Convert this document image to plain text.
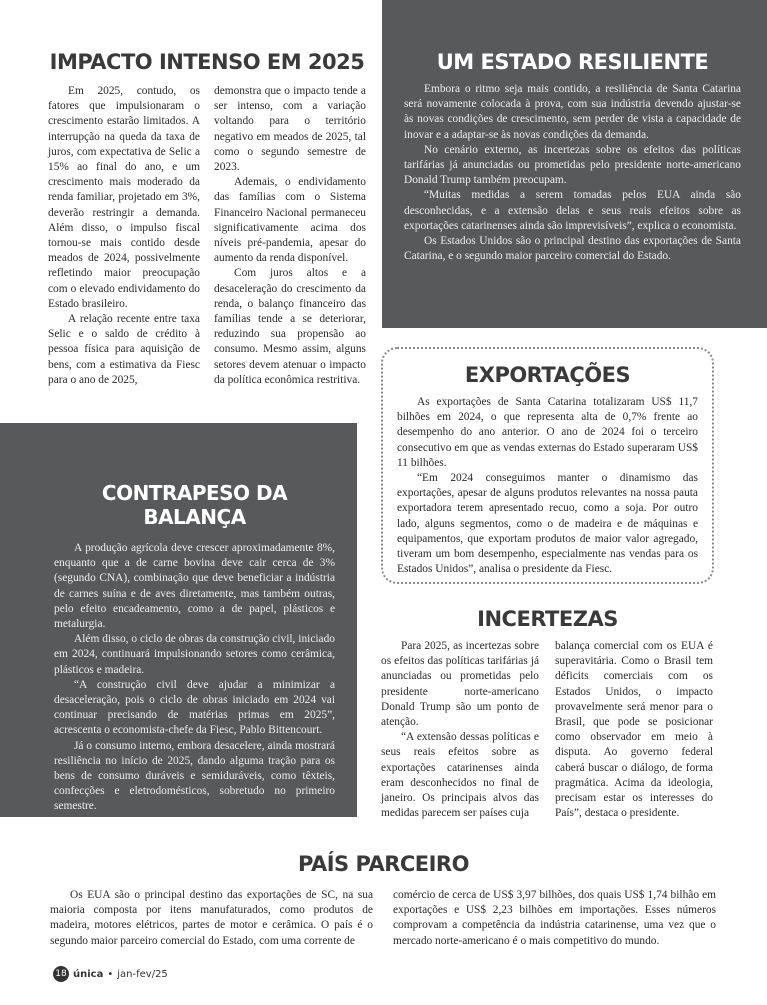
IMPACTO INTENSO EM 2025

Em 2025, contudo, os fatores que impulsionaram o crescimento estarão limitados. A interrupção na queda da taxa de juros, com expectativa de Selic a 15% ao final do ano, e um crescimento mais moderado da renda familiar, projetado em 3%, deverão restringir a demanda. Além disso, o impulso fiscal tornou-se mais contido desde meados de 2024, possivelmente refletindo maior preocupação com o elevado endividamento do Estado brasileiro.

A relação recente entre taxa Selic e o saldo de crédito à pessoa física para aquisição de bens, com a estimativa da Fiesc para o ano de 2025,

demonstra que o impacto tende a ser intenso, com a variação voltando para o território negativo em meados de 2025, tal como o segundo semestre de 2023.

Ademais, o endividamento das famílias com o Sistema Financeiro Nacional permaneceu significativamente acima dos níveis pré-pandemia, apesar do aumento da renda disponível.

Com juros altos e a desaceleração do crescimento da renda, o balanço financeiro das famílias tende a se deteriorar, reduzindo sua propensão ao consumo. Mesmo assim, alguns setores devem atenuar o impacto da política econômica restritiva.

UM ESTADO RESILIENTE

Embora o ritmo seja mais contido, a resiliência de Santa Catarina será novamente colocada à prova, com sua indústria devendo ajustar-se às novas condições de crescimento, sem perder de vista a capacidade de inovar e a adaptar-se às novas condições da demanda.

No cenário externo, as incertezas sobre os efeitos das políticas tarifárias já anunciadas ou prometidas pelo presidente norte-americano Donald Trump também preocupam.

“Muitas medidas a serem tomadas pelos EUA ainda são desconhecidas, e a extensão delas e seus reais efeitos sobre as exportações catarinenses ainda são imprevisíveis”, explica o economista.

Os Estados Unidos são o principal destino das exportações de Santa Catarina, e o segundo maior parceiro comercial do Estado.

EXPORTAÇÕES

As exportações de Santa Catarina totalizaram US$ 11,7 bilhões em 2024, o que representa alta de 0,7% frente ao desempenho do ano anterior. O ano de 2024 foi o terceiro consecutivo em que as vendas externas do Estado superaram US$ 11 bilhões.

“Em 2024 conseguimos manter o dinamismo das exportações, apesar de alguns produtos relevantes na nossa pauta exportadora terem apresentado recuo, como a soja. Por outro lado, alguns segmentos, como o de madeira e de máquinas e equipamentos, que exportam produtos de maior valor agregado, tiveram um bom desempenho, especialmente nas vendas para os Estados Unidos”, analisa o presidente da Fiesc.

CONTRAPESO DA BALANÇA

A produção agrícola deve crescer aproximadamente 8%, enquanto que a de carne bovina deve cair cerca de 3% (segundo CNA), combinação que deve beneficiar a indústria de carnes suína e de aves diretamente, mas também outras, pelo efeito encadeamento, como a de papel, plásticos e metalurgia.

Além disso, o ciclo de obras da construção civil, iniciado em 2024, continuará impulsionando setores como cerâmica, plásticos e madeira.

“A construção civil deve ajudar a minimizar a desaceleração, pois o ciclo de obras iniciado em 2024 vai continuar precisando de matérias primas em 2025”, acrescenta o economista-chefe da Fiesc, Pablo Bittencourt.

Já o consumo interno, embora desacelere, ainda mostrará resiliência no início de 2025, dando alguma tração para os bens de consumo duráveis e semiduráveis, como têxteis, confecções e eletrodomésticos, sobretudo no primeiro semestre.

INCERTEZAS

Para 2025, as incertezas sobre os efeitos das políticas tarifárias já anunciadas ou prometidas pelo presidente norte-americano Donald Trump são um ponto de atenção.

“A extensão dessas políticas e seus reais efeitos sobre as exportações catarinenses ainda eram desconhecidos no final de janeiro. Os principais alvos das medidas parecem ser países cuja

balança comercial com os EUA é superavitária. Como o Brasil tem déficits comerciais com os Estados Unidos, o impacto provavelmente será menor para o Brasil, que pode se posicionar como observador em meio à disputa. Ao governo federal caberá buscar o diálogo, de forma pragmática. Acima da ideologia, precisam estar os interesses do País”, destaca o presidente.

PAÍS PARCEIRO

Os EUA são o principal destino das exportações de SC, na sua maioria composta por itens manufaturados, como produtos de madeira, motores elétricos, partes de motor e cerâmica. O país é o segundo maior parceiro comercial do Estado, com uma corrente de

comércio de cerca de US$ 3,97 bilhões, dos quais US$ 1,74 bilhão em exportações e US$ 2,23 bilhões em importações. Esses números comprovam a competência da indústria catarinense, uma vez que o mercado norte-americano é o mais competitivo do mundo.

18 única • jan-fev/25
